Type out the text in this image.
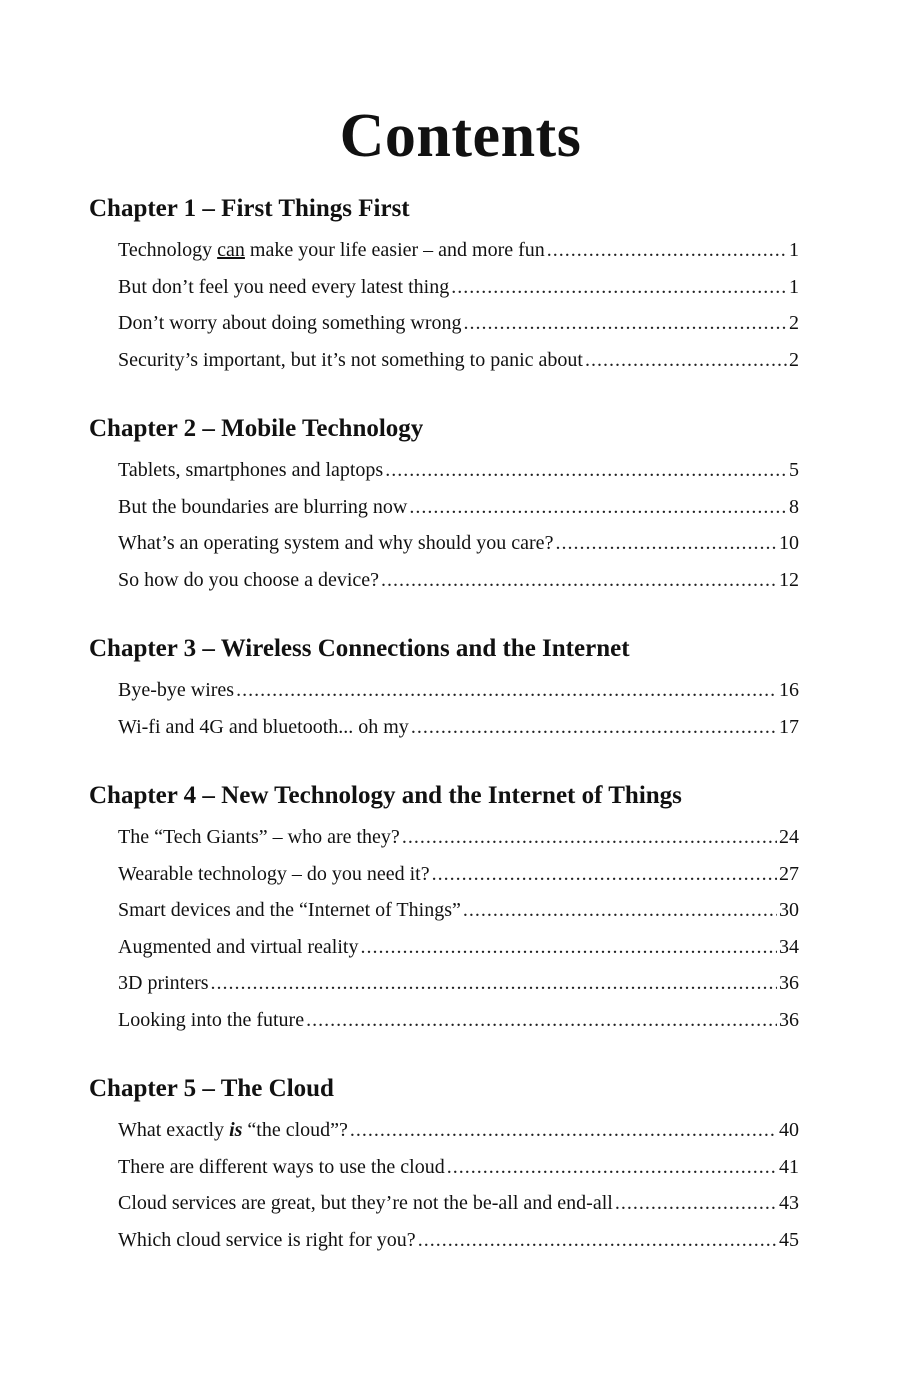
Contents
Chapter 1 – First Things First
Technology can make your life easier – and more fun .....	1
But don’t feel you need every latest thing .....	1
Don’t worry about doing something wrong .....	2
Security’s important, but it’s not something to panic about .....	2
Chapter 2 – Mobile Technology
Tablets, smartphones and laptops .....	5
But the boundaries are blurring now .....	8
What’s an operating system and why should you care? .....	10
So how do you choose a device? .....	12
Chapter 3 – Wireless Connections and the Internet
Bye-bye wires .....	16
Wi-fi and 4G and bluetooth... oh my .....	17
Chapter 4 – New Technology and the Internet of Things
The “Tech Giants” – who are they? .....	24
Wearable technology – do you need it? .....	27
Smart devices and the “Internet of Things” .....	30
Augmented and virtual reality .....	34
3D printers .....	36
Looking into the future .....	36
Chapter 5 – The Cloud
What exactly is “the cloud”? .....	40
There are different ways to use the cloud .....	41
Cloud services are great, but they’re not the be-all and end-all .....	43
Which cloud service is right for you? .....	45
